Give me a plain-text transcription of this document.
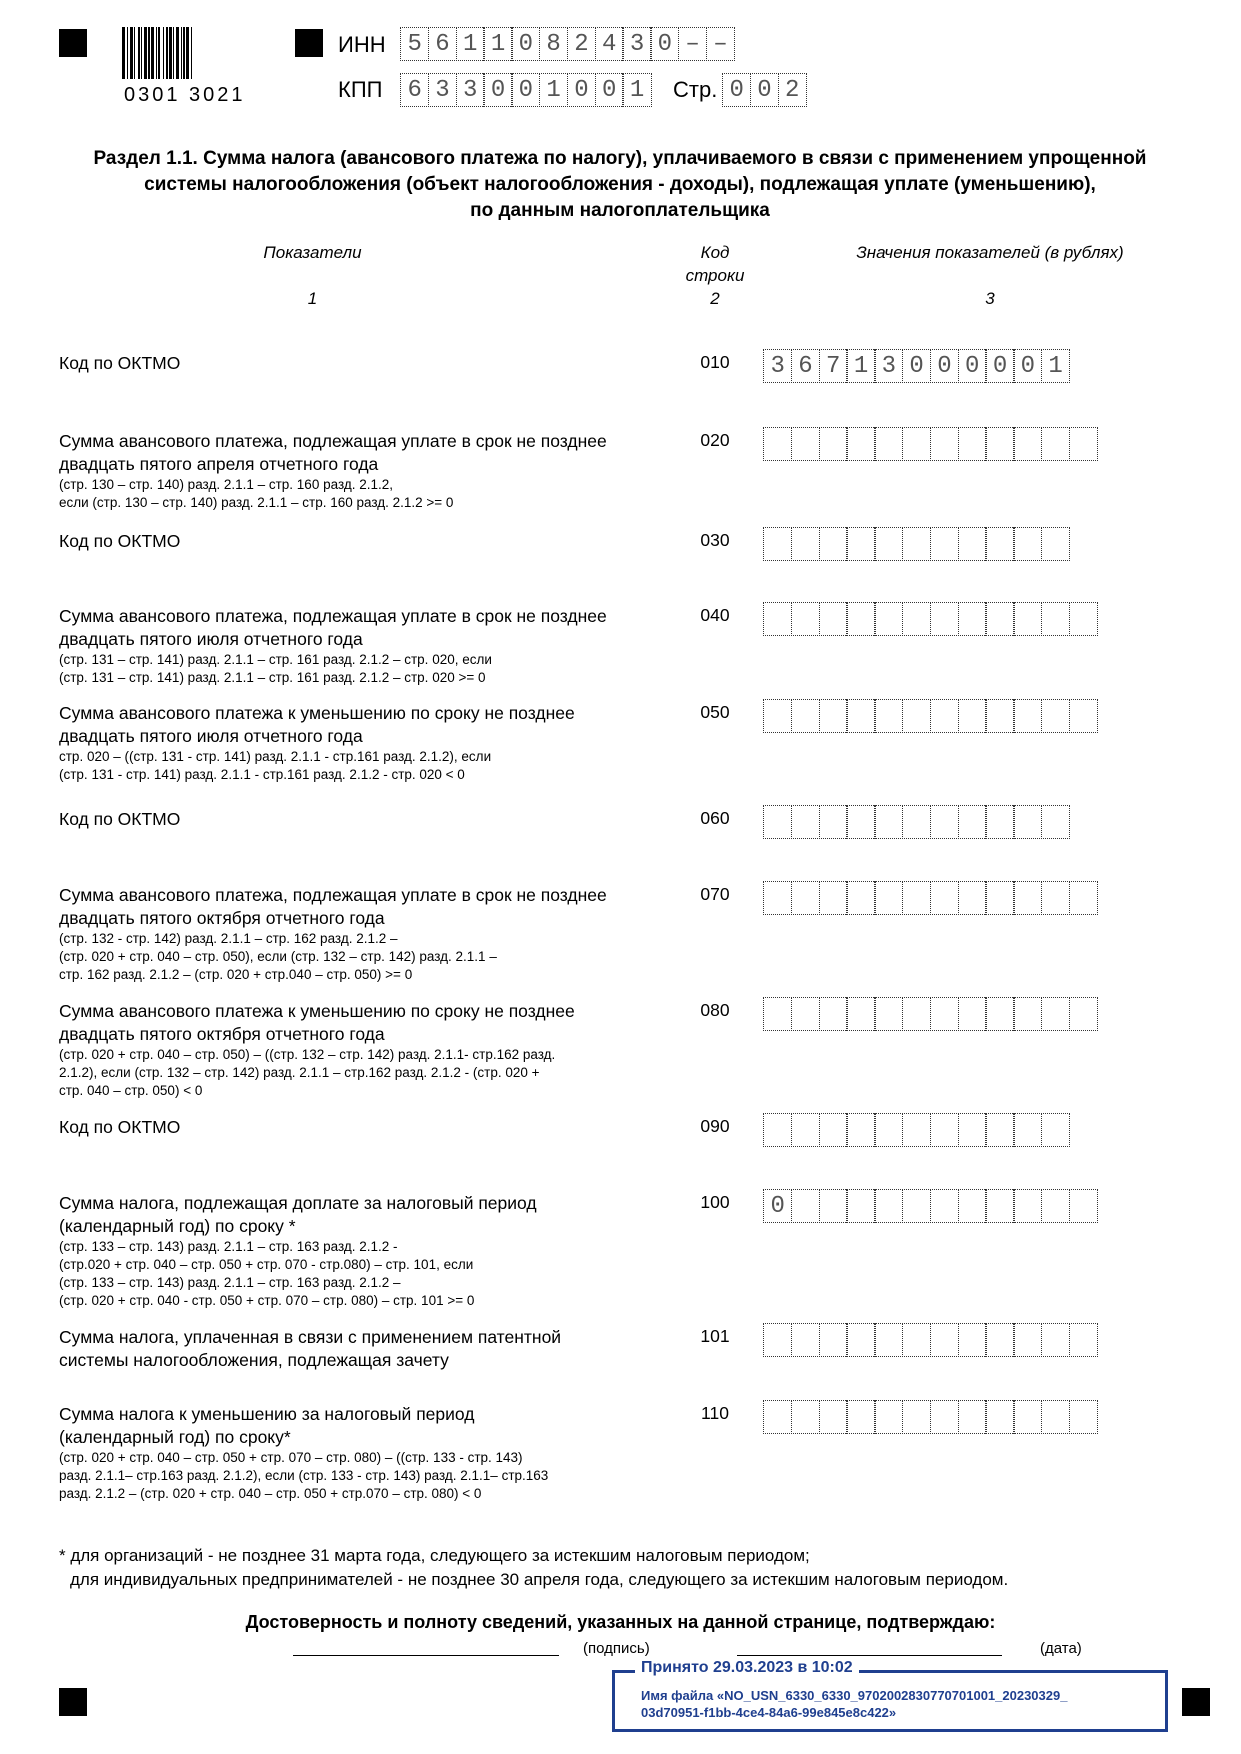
0301 3021
ИНН 5 6 1 1 0 8 2 4 3 0 – –
КПП	6 3 3 0 0 1 0 0 1	Стр. 0 0 2
Раздел 1.1. Сумма налога (авансового платежа по налогу), уплачиваемого в связи с применением упрощенной
системы налогообложения (объект налогообложения - доходы), подлежащая уплате (уменьшению),
по данным налогоплательщика
Показатели
1
Код
строки
2
Значения показателей (в рублях)
3
Код по ОКТМО	010	3 6 7 1 3 0 0 0 0 0 1
Сумма авансового платежа, подлежащая уплате в срок не позднее
двадцать пятого апреля отчетного года
(стр. 130 – стр. 140) разд. 2.1.1 – стр. 160 разд. 2.1.2,
если (стр. 130 – стр. 140) разд. 2.1.1 – стр. 160 разд. 2.1.2 >= 0
020
Код по ОКТМО	030
Сумма авансового платежа, подлежащая уплате в срок не позднее
двадцать пятого июля отчетного года
(стр. 131 – стр. 141) разд. 2.1.1 – стр. 161 разд. 2.1.2 – стр. 020, если
(стр. 131 – стр. 141) разд. 2.1.1 – стр. 161 разд. 2.1.2 – стр. 020 >= 0
040
Сумма авансового платежа к уменьшению по сроку не позднее
двадцать пятого июля отчетного года
стр. 020 – ((стр. 131 - стр. 141) разд. 2.1.1 - стр.161 разд. 2.1.2), если
(стр. 131 - стр. 141) разд. 2.1.1 - стр.161 разд. 2.1.2 - стр. 020 < 0
050
Код по ОКТМО	060
Сумма авансового платежа, подлежащая уплате в срок не позднее
двадцать пятого октября отчетного года
(стр. 132 - стр. 142) разд. 2.1.1 – стр. 162 разд. 2.1.2 –
(стр. 020 + стр. 040 – стр. 050), если (стр. 132 – стр. 142) разд. 2.1.1 –
стр. 162 разд. 2.1.2 – (стр. 020 + стр.040 – стр. 050) >= 0
070
Сумма авансового платежа к уменьшению по сроку не позднее
двадцать пятого октября отчетного года
(стр. 020 + стр. 040 – стр. 050) – ((стр. 132 – стр. 142) разд. 2.1.1- стр.162 разд.
2.1.2), если (стр. 132 – стр. 142) разд. 2.1.1 – стр.162 разд. 2.1.2 - (стр. 020 +
стр. 040 – стр. 050) < 0
080
Код по ОКТМО	090
Сумма налога, подлежащая доплате за налоговый период
(календарный год) по сроку *
(стр. 133 – стр. 143) разд. 2.1.1 – стр. 163 разд. 2.1.2 -
(стр.020 + стр. 040 – стр. 050 + стр. 070 - стр.080) – стр. 101, если
(стр. 133 – стр. 143) разд. 2.1.1 – стр. 163 разд. 2.1.2 –
(стр. 020 + стр. 040 - стр. 050 + стр. 070 – стр. 080) – стр. 101 >= 0
100	0
Сумма налога, уплаченная в связи с применением патентной
системы налогообложения, подлежащая зачету
101
Сумма налога к уменьшению за налоговый период
(календарный год) по сроку*
(стр. 020 + стр. 040 – стр. 050 + стр. 070 – стр. 080) – ((стр. 133 - стр. 143)
разд. 2.1.1– стр.163 разд. 2.1.2), если (стр. 133 - стр. 143) разд. 2.1.1– стр.163
разд. 2.1.2 – (стр. 020 + стр. 040 – стр. 050 + стр.070 – стр. 080) < 0
110
* для организаций - не позднее 31 марта года, следующего за истекшим налоговым периодом;
для индивидуальных предпринимателей - не позднее 30 апреля года, следующего за истекшим налоговым периодом.
Достоверность и полноту сведений, указанных на данной странице, подтверждаю:
(подпись)	(дата)
Принято 29.03.2023 в 10:02
Имя файла «NO_USN_6330_6330_9702002830770701001_20230329_
03d70951-f1bb-4ce4-84a6-99e845e8c422»
